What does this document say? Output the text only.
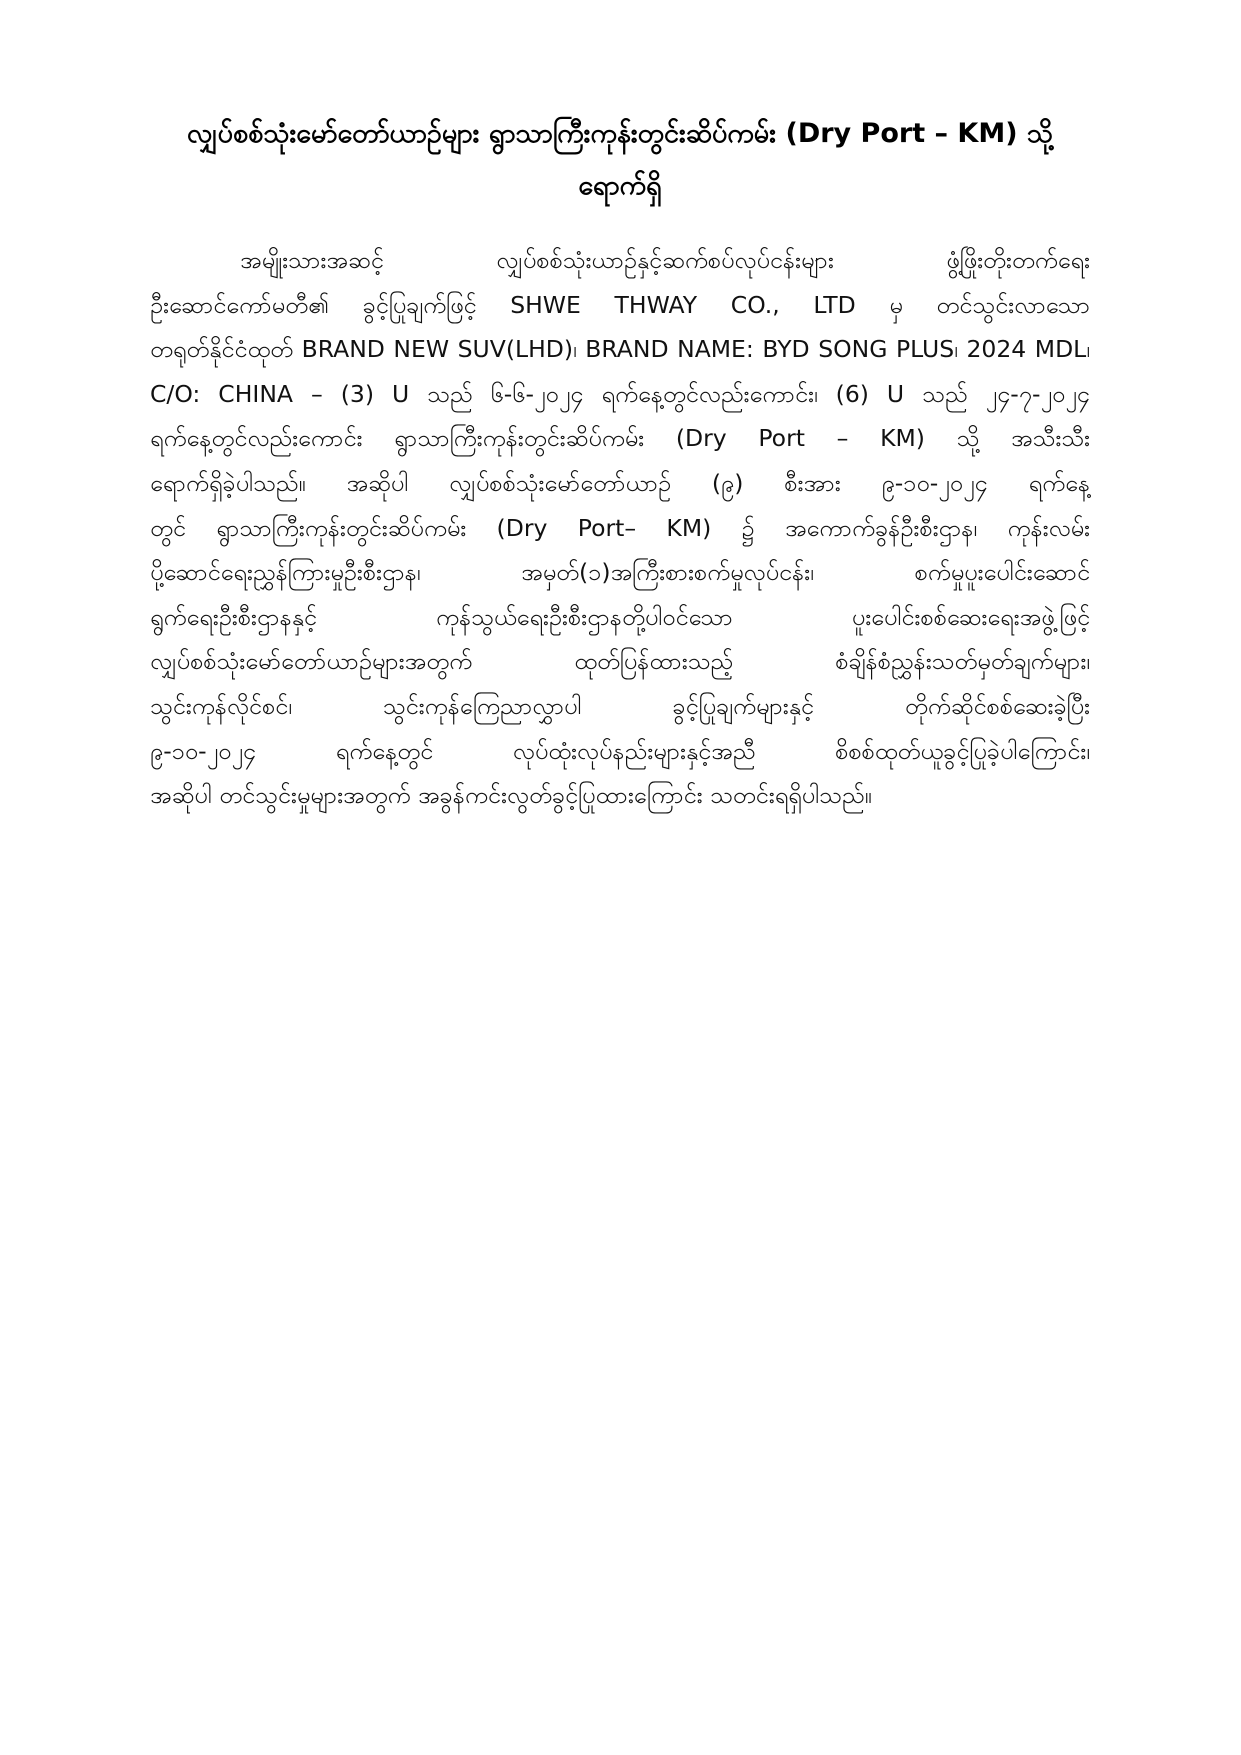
လျှပ်စစ်သုံးမော်တော်ယာဉ်များ ရွာသာကြီးကုန်းတွင်းဆိပ်ကမ်း (Dry Port – KM) သို့
ရောက်ရှိ
အမျိုးသားအဆင့် လျှပ်စစ်သုံးယာဉ်နှင့်ဆက်စပ်လုပ်ငန်းများ ဖွံ့ဖြိုးတိုးတက်ရေး
ဦးဆောင်ကော်မတီ၏ ခွင့်ပြုချက်ဖြင့် SHWE THWAY CO., LTD မှ တင်သွင်းလာသော
တရုတ်နိုင်ငံထုတ် BRAND NEW SUV(LHD)၊ BRAND NAME: BYD SONG PLUS၊ 2024 MDL၊
C/O: CHINA – (3) U သည် ၆-၆-၂၀၂၄ ရက်နေ့တွင်လည်းကောင်း၊ (6) U သည် ၂၄-၇-၂၀၂၄
ရက်နေ့တွင်လည်းကောင်း ရွာသာကြီးကုန်းတွင်းဆိပ်ကမ်း (Dry Port – KM) သို့ အသီးသီး
ရောက်ရှိခဲ့ပါသည်။ အဆိုပါ လျှပ်စစ်သုံးမော်တော်ယာဉ် (၉) စီးအား ၉-၁၀-၂၀၂၄ ရက်နေ့
တွင် ရွာသာကြီးကုန်းတွင်းဆိပ်ကမ်း (Dry Port– KM) ၌ အကောက်ခွန်ဦးစီးဌာန၊ ကုန်းလမ်း
ပို့ဆောင်ရေးညွှန်ကြားမှုဦးစီးဌာန၊ အမှတ်(၁)အကြီးစားစက်မှုလုပ်ငန်း၊ စက်မှုပူးပေါင်းဆောင်
ရွက်ရေးဦးစီးဌာနနှင့် ကုန်သွယ်ရေးဦးစီးဌာနတို့ပါဝင်သော ပူးပေါင်းစစ်ဆေးရေးအဖွဲ့ဖြင့်
လျှပ်စစ်သုံးမော်တော်ယာဉ်များအတွက် ထုတ်ပြန်ထားသည့် စံချိန်စံညွှန်းသတ်မှတ်ချက်များ၊
သွင်းကုန်လိုင်စင်၊ သွင်းကုန်ကြေညာလွှာပါ ခွင့်ပြုချက်များနှင့် တိုက်ဆိုင်စစ်ဆေးခဲ့ပြီး
၉-၁၀-၂၀၂၄ ရက်နေ့တွင် လုပ်ထုံးလုပ်နည်းများနှင့်အညီ စိစစ်ထုတ်ယူခွင့်ပြုခဲ့ပါကြောင်း၊
အဆိုပါ တင်သွင်းမှုများအတွက် အခွန်ကင်းလွတ်ခွင့်ပြုထားကြောင်း သတင်းရရှိပါသည်။
